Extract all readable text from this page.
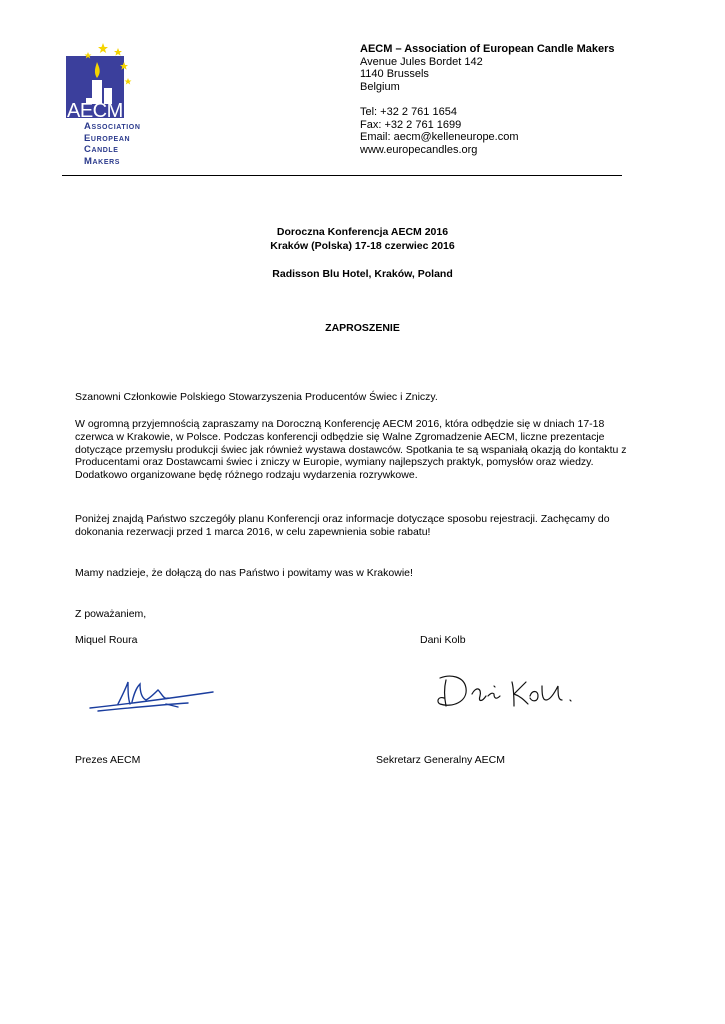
AECM
Association
European
Candle
Makers
AECM – Association of European Candle Makers
Avenue Jules Bordet 142
1140 Brussels
Belgium
Tel: +32 2 761 1654
Fax: +32 2 761 1699
Email: aecm@kelleneurope.com
www.europecandles.org
Doroczna Konferencja AECM 2016
Kraków (Polska) 17-18 czerwiec 2016
Radisson Blu Hotel, Kraków, Poland
ZAPROSZENIE
Szanowni Członkowie Polskiego Stowarzyszenia Producentów Świec i Zniczy.
W ogromną przyjemnością zapraszamy na Doroczną Konferencję AECM 2016, która odbędzie się w dniach 17-18
czerwca w Krakowie, w Polsce. Podczas konferencji odbędzie się Walne Zgromadzenie AECM, liczne prezentacje
dotyczące przemysłu produkcji świec jak również wystawa dostawców. Spotkania te są wspaniałą okazją do kontaktu z
Producentami oraz Dostawcami świec i zniczy w Europie, wymiany najlepszych praktyk, pomysłów oraz wiedzy.
Dodatkowo organizowane będę różnego rodzaju wydarzenia rozrywkowe.
Poniżej znajdą Państwo szczegóły planu Konferencji oraz informacje dotyczące sposobu rejestracji. Zachęcamy do
dokonania rezerwacji przed 1 marca 2016, w celu zapewnienia sobie rabatu!
Mamy nadzieje, że dołączą do nas Państwo i powitamy was w Krakowie!
Z poważaniem,
Miquel Roura	Dani Kolb
Prezes AECM	Sekretarz Generalny AECM
